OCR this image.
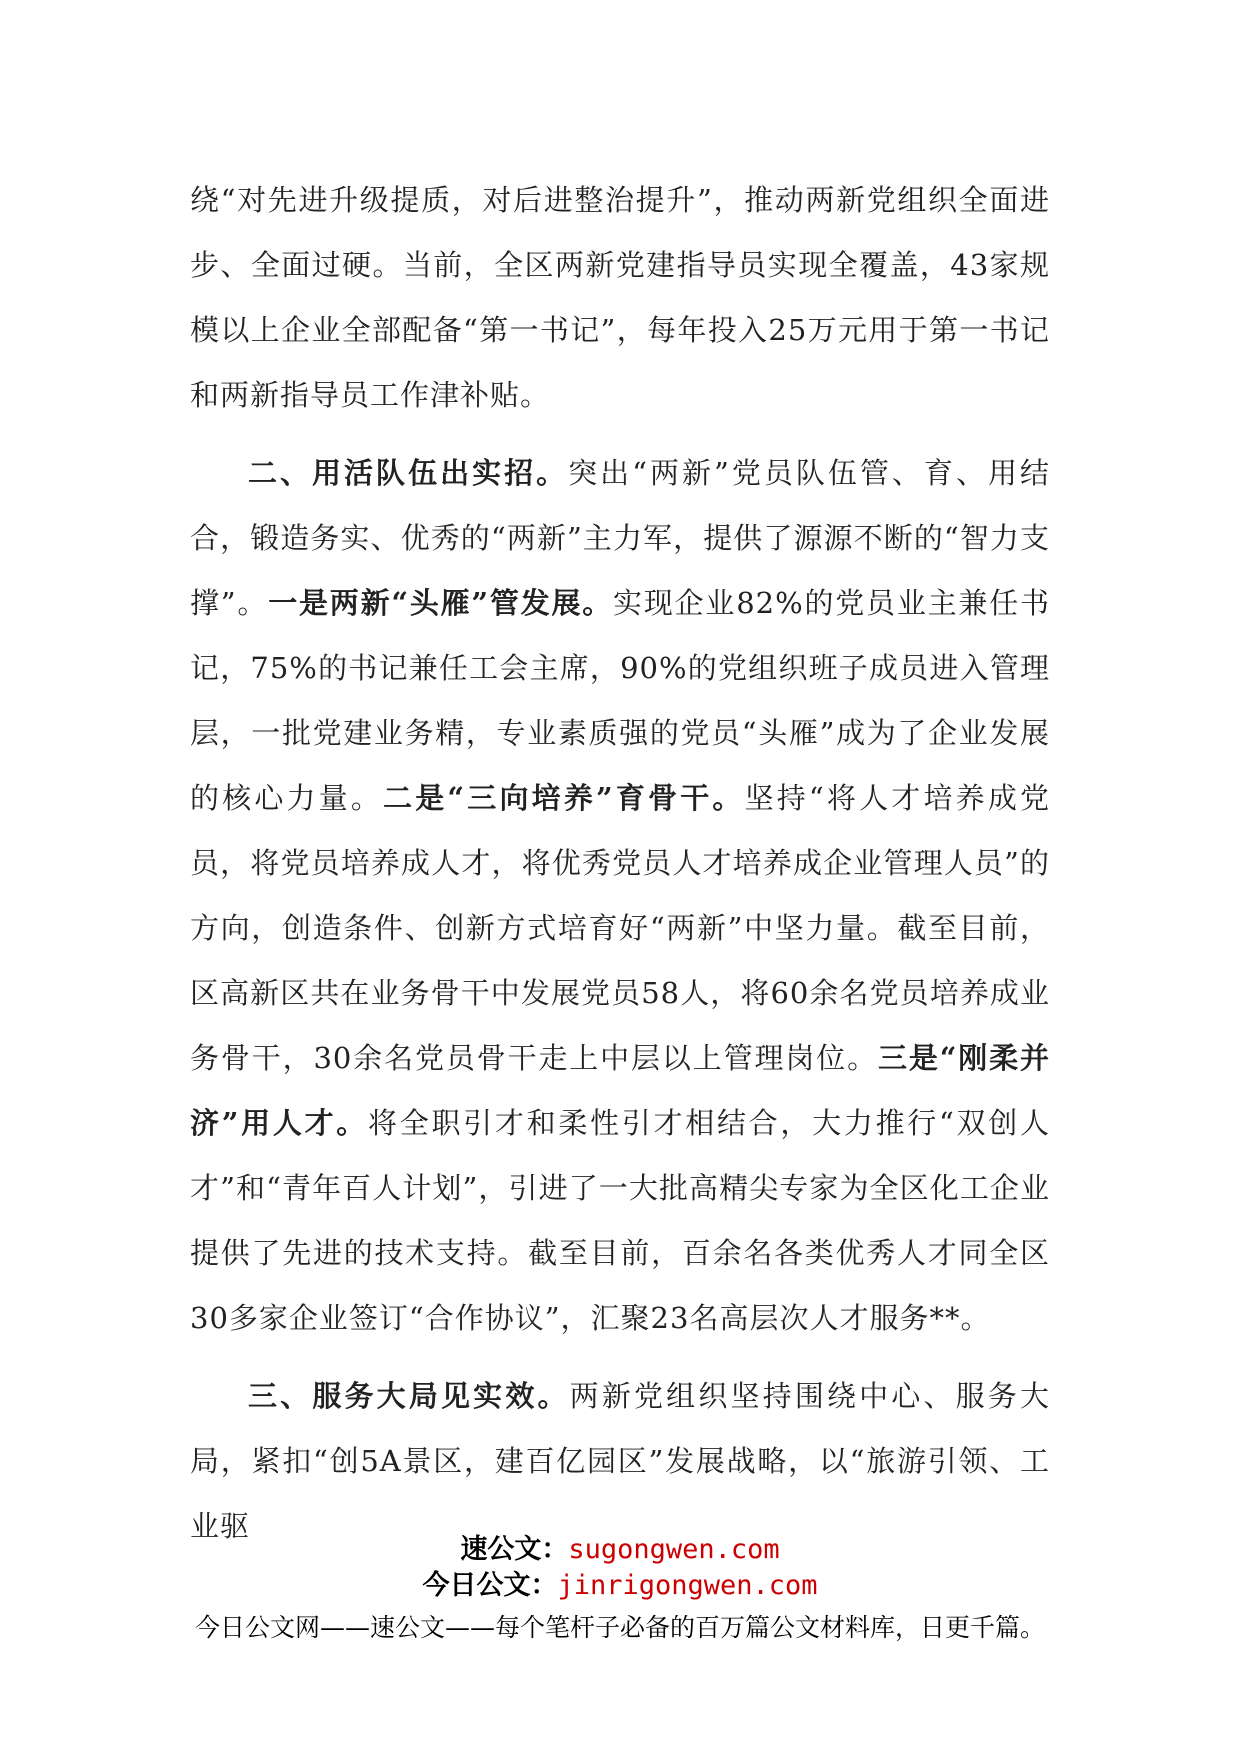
绕“对先进升级提质，对后进整治提升”，推动两新党组织全面进步、全面过硬。当前，全区两新党建指导员实现全覆盖，43家规模以上企业全部配备“第一书记”，每年投入25万元用于第一书记和两新指导员工作津补贴。

二、用活队伍出实招。突出“两新”党员队伍管、育、用结合，锻造务实、优秀的“两新”主力军，提供了源源不断的“智力支撑”。一是两新“头雁”管发展。实现企业82%的党员业主兼任书记，75%的书记兼任工会主席，90%的党组织班子成员进入管理层，一批党建业务精，专业素质强的党员“头雁”成为了企业发展的核心力量。二是“三向培养”育骨干。坚持“将人才培养成党员，将党员培养成人才，将优秀党员人才培养成企业管理人员”的方向，创造条件、创新方式培育好“两新”中坚力量。截至目前，区高新区共在业务骨干中发展党员58人，将60余名党员培养成业务骨干，30余名党员骨干走上中层以上管理岗位。三是“刚柔并济”用人才。将全职引才和柔性引才相结合，大力推行“双创人才”和“青年百人计划”，引进了一大批高精尖专家为全区化工企业提供了先进的技术支持。截至目前，百余名各类优秀人才同全区30多家企业签订“合作协议”，汇聚23名高层次人才服务**。

三、服务大局见实效。两新党组织坚持围绕中心、服务大局，紧扣“创5A景区，建百亿园区”发展战略，以“旅游引领、工业驱

速公文：sugongwen.com
今日公文：jinrigongwen.com
今日公文网——速公文——每个笔杆子必备的百万篇公文材料库，日更千篇。
